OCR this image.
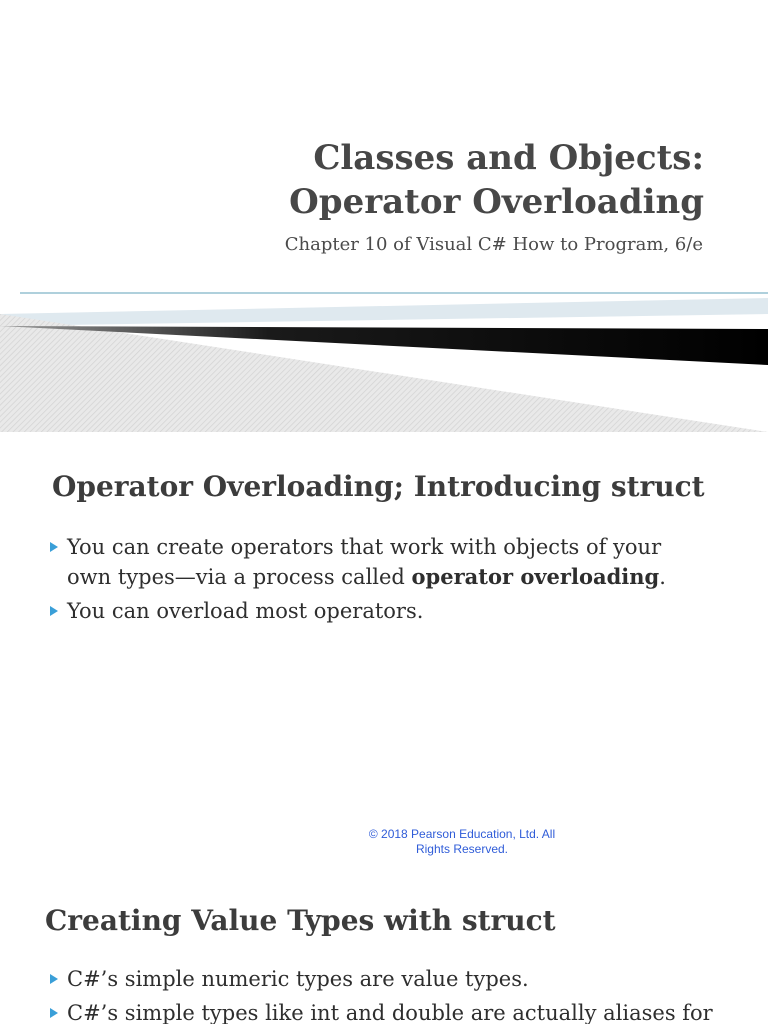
Classes and Objects:
Operator Overloading
Chapter 10 of Visual C# How to Program, 6/e
Operator Overloading; Introducing struct
You can create operators that work with objects of your
own types—via a process called operator overloading.
You can overload most operators.
© 2018 Pearson Education, Ltd. All
Rights Reserved.
Creating Value Types with struct
C#’s simple numeric types are value types.
C#’s simple types like int and double are actually aliases for
